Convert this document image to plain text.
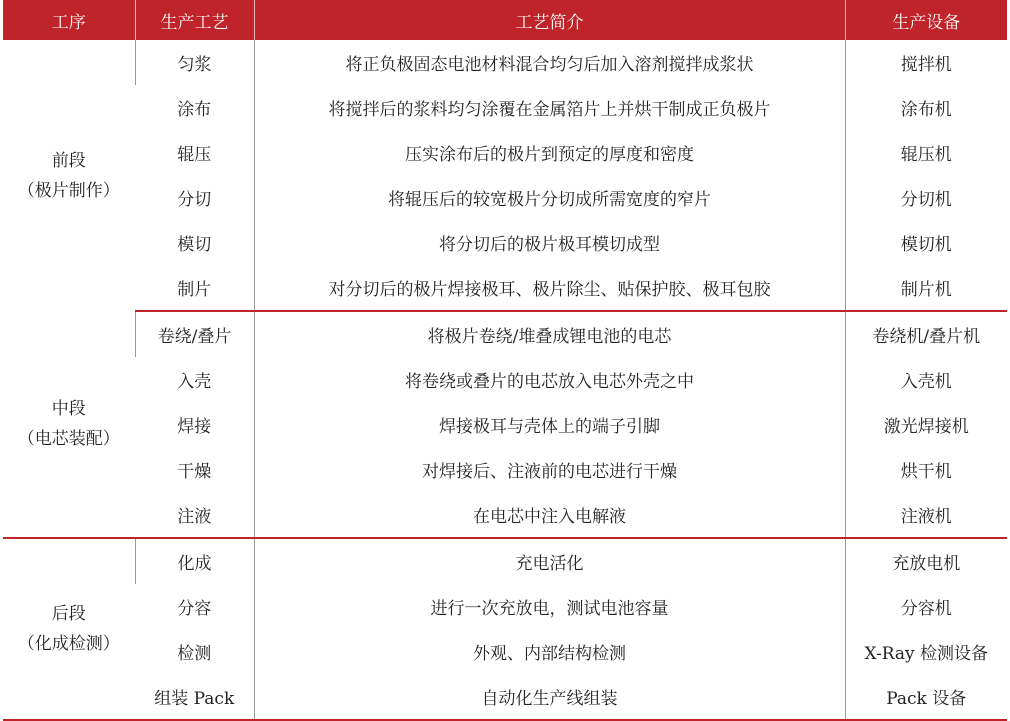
工序	生产工艺	工艺简介	生产设备

前段
（极片制作）	匀浆	将正负极固态电池材料混合均匀后加入溶剂搅拌成浆状	搅拌机
	涂布	将搅拌后的浆料均匀涂覆在金属箔片上并烘干制成正负极片	涂布机
	辊压	压实涂布后的极片到预定的厚度和密度	辊压机
	分切	将辊压后的较宽极片分切成所需宽度的窄片	分切机
	模切	将分切后的极片极耳模切成型	模切机
	制片	对分切后的极片焊接极耳、极片除尘、贴保护胶、极耳包胶	制片机

中段
（电芯装配）	卷绕/叠片	将极片卷绕/堆叠成锂电池的电芯	卷绕机/叠片机
	入壳	将卷绕或叠片的电芯放入电芯外壳之中	入壳机
	焊接	焊接极耳与壳体上的端子引脚	激光焊接机
	干燥	对焊接后、注液前的电芯进行干燥	烘干机
	注液	在电芯中注入电解液	注液机

后段
（化成检测）	化成	充电活化	充放电机
	分容	进行一次充放电，测试电池容量	分容机
	检测	外观、内部结构检测	X-Ray 检测设备
	组装 Pack	自动化生产线组装	Pack 设备
